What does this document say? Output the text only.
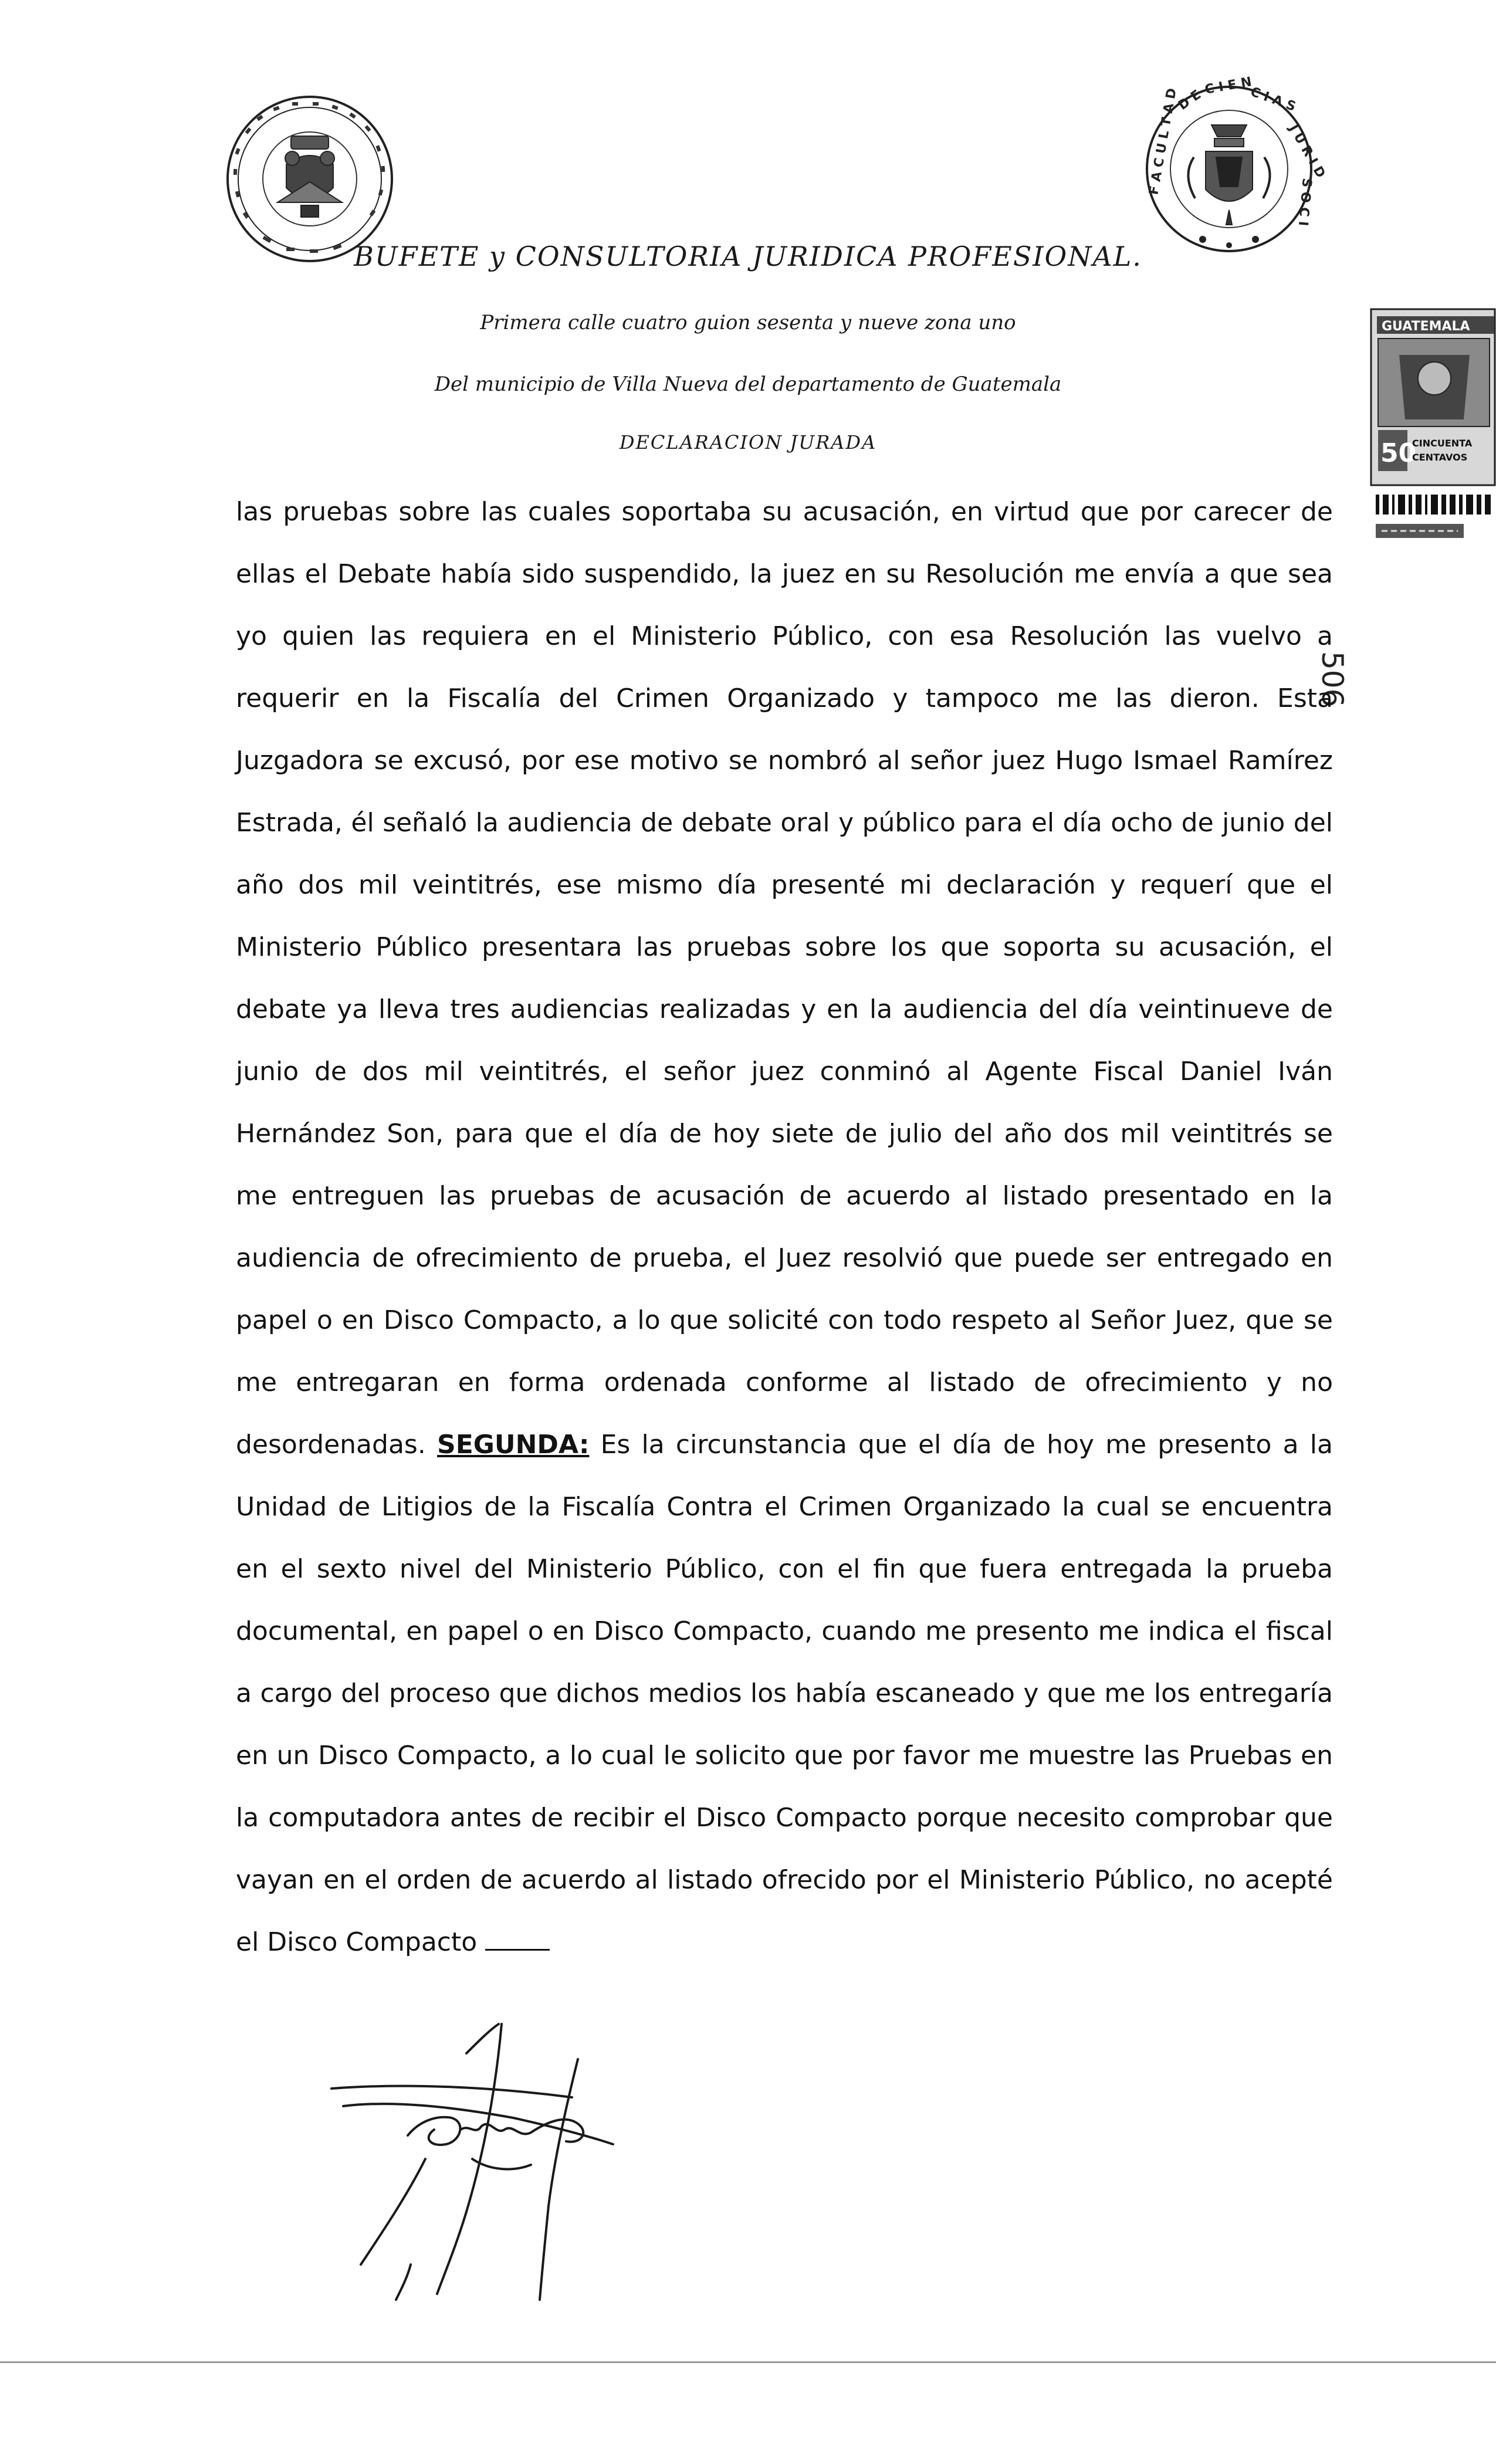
F A C U L T A D
D E
C I E N
C I A S
J U R I D
S O C I
BUFETE y CONSULTORIA JURIDICA PROFESIONAL.
Primera calle cuatro guion sesenta y nueve zona uno
Del municipio de Villa Nueva del departamento de Guatemala
DECLARACION JURADA
GUATEMALA
50
CINCUENTA
CENTAVOS
506
las pruebas sobre las cuales soportaba su acusación, en virtud que por carecer de ellas el Debate había sido suspendido, la juez en su Resolución me envía a que sea yo quien las requiera en el Ministerio Público, con esa Resolución las vuelvo a requerir en la Fiscalía del Crimen Organizado y tampoco me las dieron. Esta Juzgadora se excusó, por ese motivo se nombró al señor juez Hugo Ismael Ramírez Estrada, él señaló la audiencia de debate oral y público para el día ocho de junio del año dos mil veintitrés, ese mismo día presenté mi declaración y requerí que el Ministerio Público presentara las pruebas sobre los que soporta su acusación, el debate ya lleva tres audiencias realizadas y en la audiencia del día veintinueve de junio de dos mil veintitrés, el señor juez conminó al Agente Fiscal Daniel Iván Hernández Son, para que el día de hoy siete de julio del año dos mil veintitrés se me entreguen las pruebas de acusación de acuerdo al listado presentado en la audiencia de ofrecimiento de prueba, el Juez resolvió que puede ser entregado en papel o en Disco Compacto, a lo que solicité con todo respeto al Señor Juez, que se me entregaran en forma ordenada conforme al listado de ofrecimiento y no desordenadas. SEGUNDA: Es la circunstancia que el día de hoy me presento a la Unidad de Litigios de la Fiscalía Contra el Crimen Organizado la cual se encuentra en el sexto nivel del Ministerio Público, con el fin que fuera entregada la prueba documental, en papel o en Disco Compacto, cuando me presento me indica el fiscal a cargo del proceso que dichos medios los había escaneado y que me los entregaría en un Disco Compacto, a lo cual le solicito que por favor me muestre las Pruebas en la computadora antes de recibir el Disco Compacto porque necesito comprobar que vayan en el orden de acuerdo al listado ofrecido por el Ministerio Público, no acepté el Disco Compacto
